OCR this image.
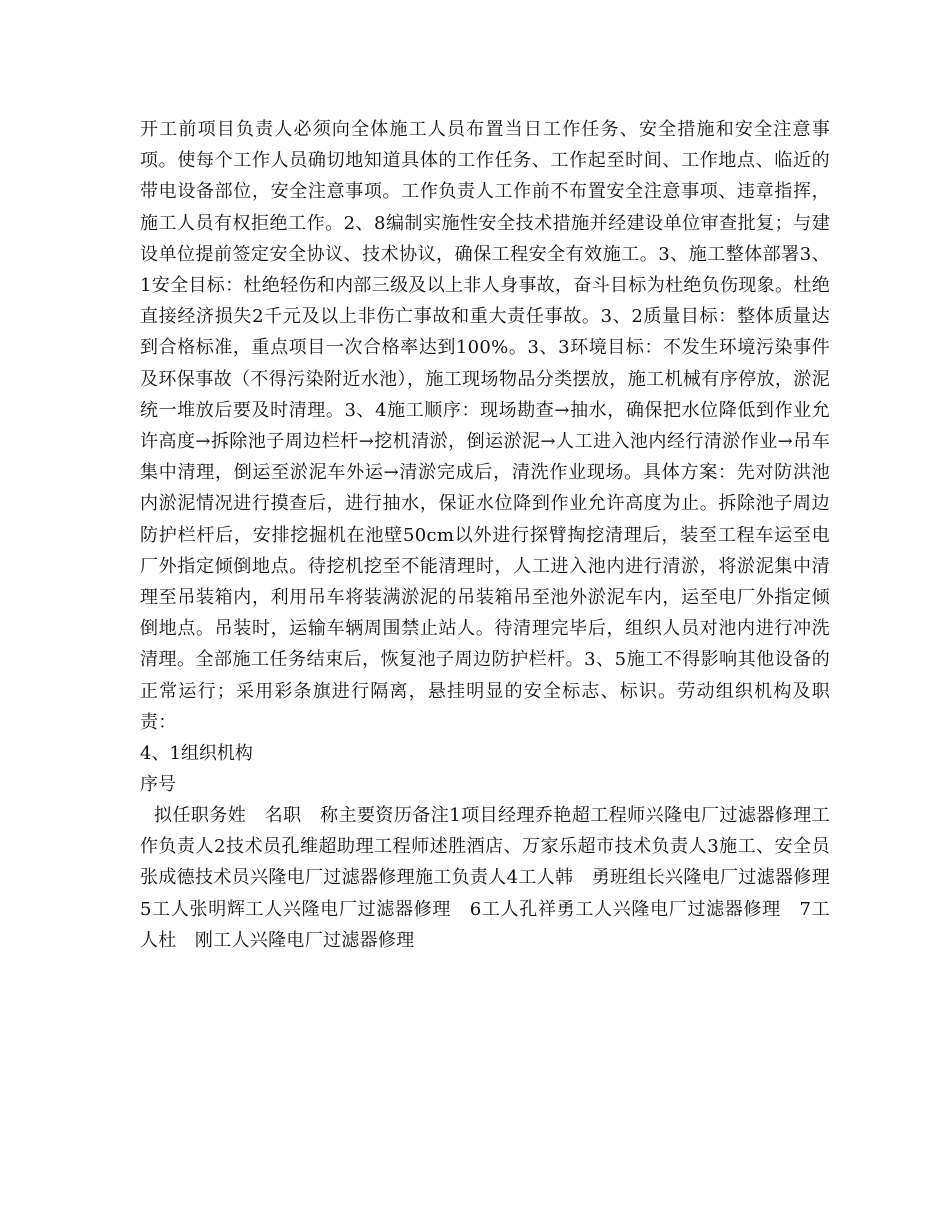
开工前项目负责人必须向全体施工人员布置当日工作任务、安全措施和安全注意事项。使每个工作人员确切地知道具体的工作任务、工作起至时间、工作地点、临近的带电设备部位，安全注意事项。工作负责人工作前不布置安全注意事项、违章指挥，施工人员有权拒绝工作。2、8编制实施性安全技术措施并经建设单位审查批复；与建设单位提前签定安全协议、技术协议，确保工程安全有效施工。3、施工整体部署3、1安全目标：杜绝轻伤和内部三级及以上非人身事故，奋斗目标为杜绝负伤现象。杜绝直接经济损失2千元及以上非伤亡事故和重大责任事故。3、2质量目标：整体质量达到合格标准，重点项目一次合格率达到100%。3、3环境目标：不发生环境污染事件及环保事故（不得污染附近水池），施工现场物品分类摆放，施工机械有序停放，淤泥统一堆放后要及时清理。3、4施工顺序：现场勘查→抽水，确保把水位降低到作业允许高度→拆除池子周边栏杆→挖机清淤，倒运淤泥→人工进入池内经行清淤作业→吊车集中清理，倒运至淤泥车外运→清淤完成后，清洗作业现场。具体方案：先对防洪池内淤泥情况进行摸查后，进行抽水，保证水位降到作业允许高度为止。拆除池子周边防护栏杆后，安排挖掘机在池壁50cm以外进行探臂掏挖清理后，装至工程车运至电厂外指定倾倒地点。待挖机挖至不能清理时，人工进入池内进行清淤，将淤泥集中清理至吊装箱内，利用吊车将装满淤泥的吊装箱吊至池外淤泥车内，运至电厂外指定倾倒地点。吊装时，运输车辆周围禁止站人。待清理完毕后，组织人员对池内进行冲洗清理。全部施工任务结束后，恢复池子周边防护栏杆。3、5施工不得影响其他设备的正常运行；采用彩条旗进行隔离，悬挂明显的安全标志、标识。劳动组织机构及职责：

4、1组织机构

序号

拟任职务姓　名职　称主要资历备注1项目经理乔艳超工程师兴隆电厂过滤器修理工作负责人2技术员孔维超助理工程师述胜酒店、万家乐超市技术负责人3施工、安全员张成德技术员兴隆电厂过滤器修理施工负责人4工人韩　勇班组长兴隆电厂过滤器修理　5工人张明辉工人兴隆电厂过滤器修理　6工人孔祥勇工人兴隆电厂过滤器修理　7工人杜　刚工人兴隆电厂过滤器修理
